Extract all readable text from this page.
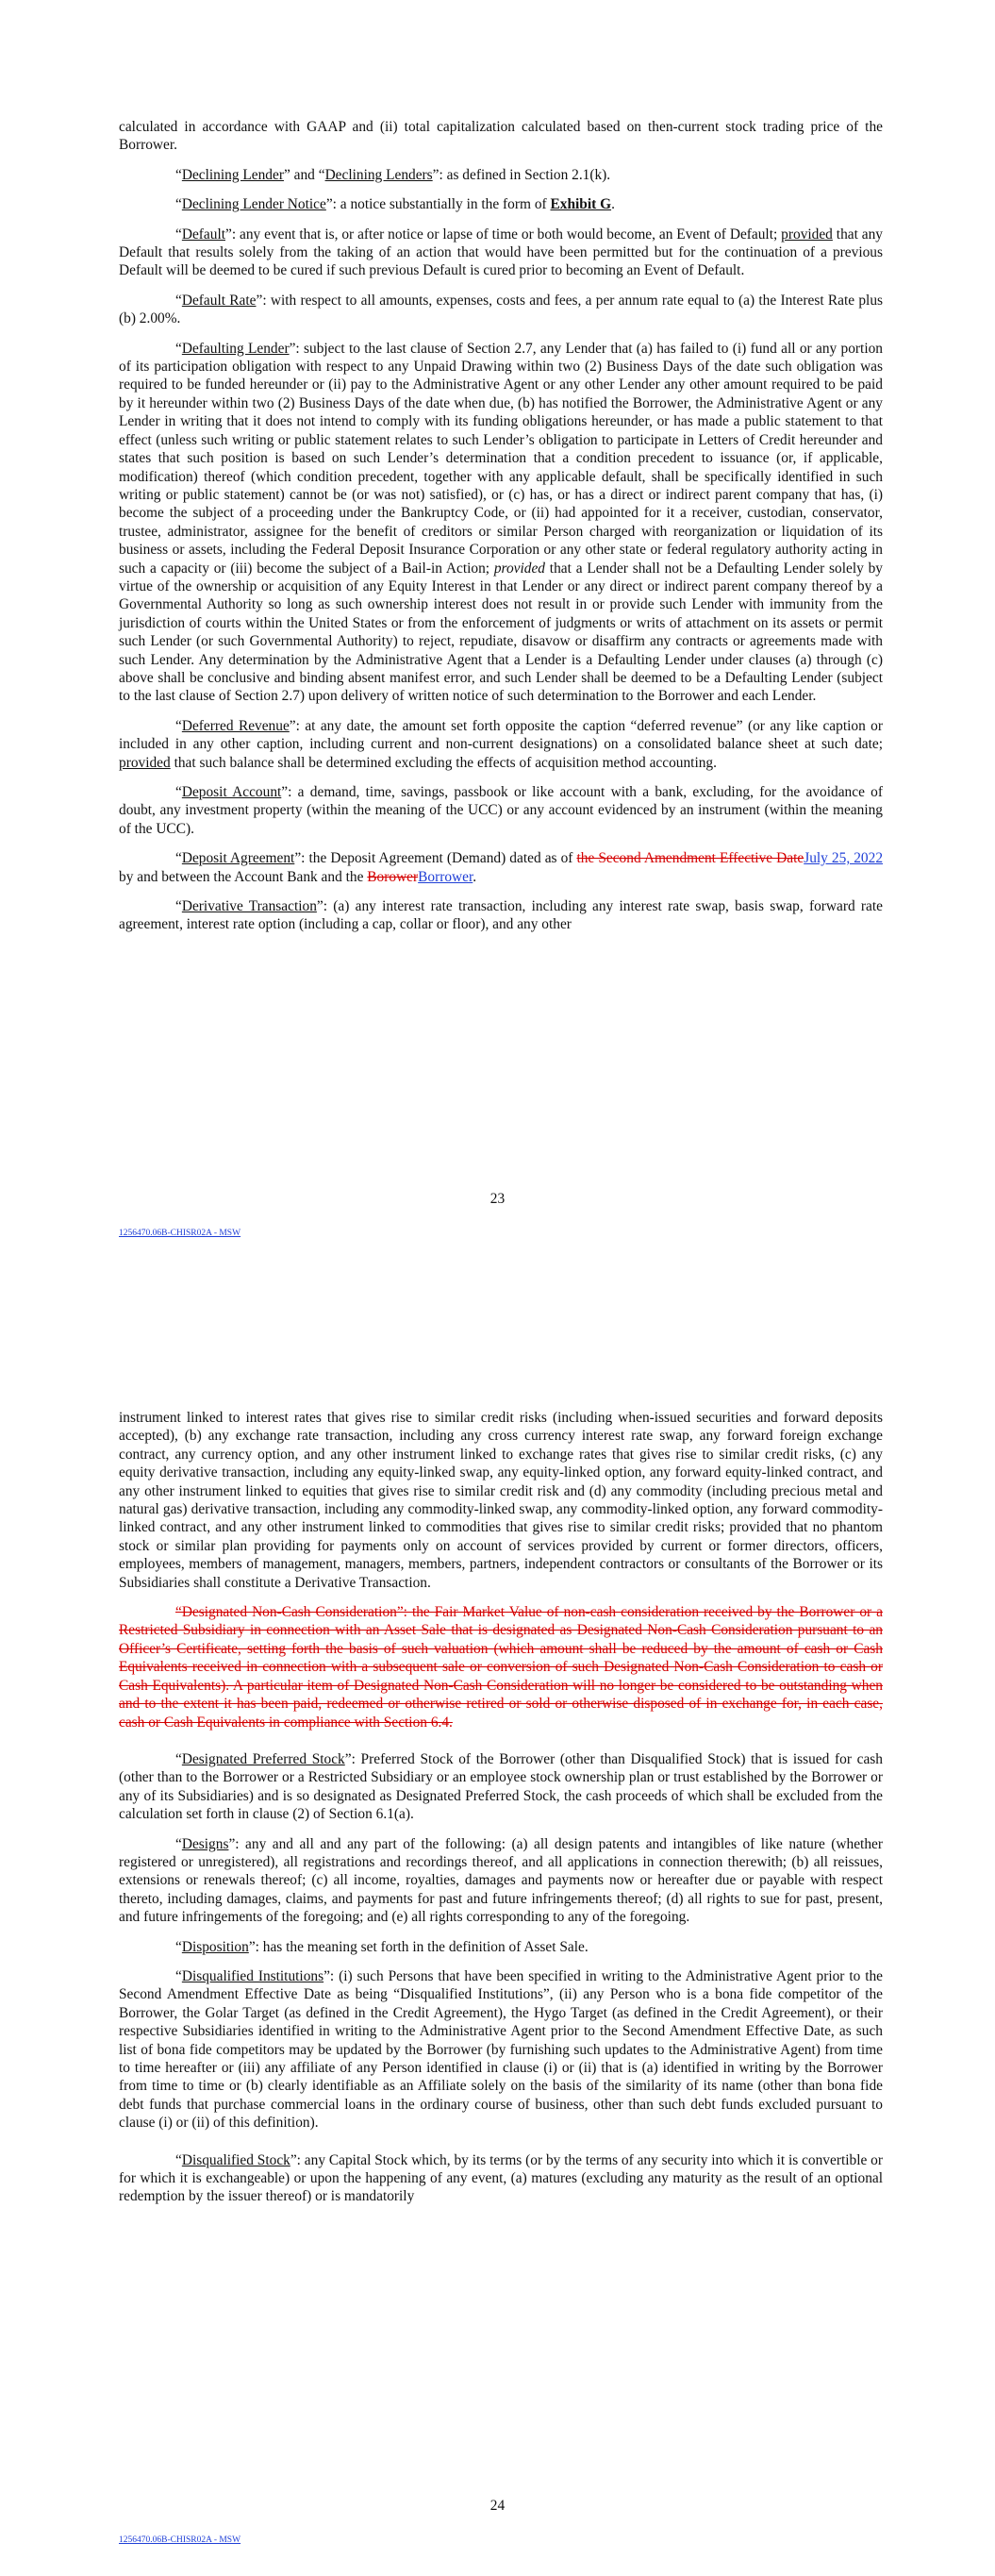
calculated in accordance with GAAP and (ii) total capitalization calculated based on then-current stock trading price of the Borrower.

“Declining Lender” and “Declining Lenders”: as defined in Section 2.1(k).

“Declining Lender Notice”: a notice substantially in the form of Exhibit G.

“Default”: any event that is, or after notice or lapse of time or both would become, an Event of Default; provided that any Default that results solely from the taking of an action that would have been permitted but for the continuation of a previous Default will be deemed to be cured if such previous Default is cured prior to becoming an Event of Default.

“Default Rate”: with respect to all amounts, expenses, costs and fees, a per annum rate equal to (a) the Interest Rate plus (b) 2.00%.

“Defaulting Lender”: subject to the last clause of Section 2.7, any Lender that (a) has failed to (i) fund all or any portion of its participation obligation with respect to any Unpaid Drawing within two (2) Business Days of the date such obligation was required to be funded hereunder or (ii) pay to the Administrative Agent or any other Lender any other amount required to be paid by it hereunder within two (2) Business Days of the date when due, (b) has notified the Borrower, the Administrative Agent or any Lender in writing that it does not intend to comply with its funding obligations hereunder, or has made a public statement to that effect (unless such writing or public statement relates to such Lender’s obligation to participate in Letters of Credit hereunder and states that such position is based on such Lender’s determination that a condition precedent to issuance (or, if applicable, modification) thereof (which condition precedent, together with any applicable default, shall be specifically identified in such writing or public statement) cannot be (or was not) satisfied), or (c) has, or has a direct or indirect parent company that has, (i) become the subject of a proceeding under the Bankruptcy Code, or (ii) had appointed for it a receiver, custodian, conservator, trustee, administrator, assignee for the benefit of creditors or similar Person charged with reorganization or liquidation of its business or assets, including the Federal Deposit Insurance Corporation or any other state or federal regulatory authority acting in such a capacity or (iii) become the subject of a Bail-in Action; provided that a Lender shall not be a Defaulting Lender solely by virtue of the ownership or acquisition of any Equity Interest in that Lender or any direct or indirect parent company thereof by a Governmental Authority so long as such ownership interest does not result in or provide such Lender with immunity from the jurisdiction of courts within the United States or from the enforcement of judgments or writs of attachment on its assets or permit such Lender (or such Governmental Authority) to reject, repudiate, disavow or disaffirm any contracts or agreements made with such Lender. Any determination by the Administrative Agent that a Lender is a Defaulting Lender under clauses (a) through (c) above shall be conclusive and binding absent manifest error, and such Lender shall be deemed to be a Defaulting Lender (subject to the last clause of Section 2.7) upon delivery of written notice of such determination to the Borrower and each Lender.

“Deferred Revenue”: at any date, the amount set forth opposite the caption “deferred revenue” (or any like caption or included in any other caption, including current and non-current designations) on a consolidated balance sheet at such date; provided that such balance shall be determined excluding the effects of acquisition method accounting.

“Deposit Account”: a demand, time, savings, passbook or like account with a bank, excluding, for the avoidance of doubt, any investment property (within the meaning of the UCC) or any account evidenced by an instrument (within the meaning of the UCC).

“Deposit Agreement”: the Deposit Agreement (Demand) dated as of the Second Amendment Effective DateJuly 25, 2022 by and between the Account Bank and the BorowerBorrower.

“Derivative Transaction”: (a) any interest rate transaction, including any interest rate swap, basis swap, forward rate agreement, interest rate option (including a cap, collar or floor), and any other

23
1256470.06B-CHISR02A - MSW

instrument linked to interest rates that gives rise to similar credit risks (including when-issued securities and forward deposits accepted), (b) any exchange rate transaction, including any cross currency interest rate swap, any forward foreign exchange contract, any currency option, and any other instrument linked to exchange rates that gives rise to similar credit risks, (c) any equity derivative transaction, including any equity-linked swap, any equity-linked option, any forward equity-linked contract, and any other instrument linked to equities that gives rise to similar credit risk and (d) any commodity (including precious metal and natural gas) derivative transaction, including any commodity-linked swap, any commodity-linked option, any forward commodity-linked contract, and any other instrument linked to commodities that gives rise to similar credit risks; provided that no phantom stock or similar plan providing for payments only on account of services provided by current or former directors, officers, employees, members of management, managers, members, partners, independent contractors or consultants of the Borrower or its Subsidiaries shall constitute a Derivative Transaction.

“Designated Non-Cash Consideration”: the Fair Market Value of non-cash consideration received by the Borrower or a Restricted Subsidiary in connection with an Asset Sale that is designated as Designated Non-Cash Consideration pursuant to an Officer’s Certificate, setting forth the basis of such valuation (which amount shall be reduced by the amount of cash or Cash Equivalents received in connection with a subsequent sale or conversion of such Designated Non-Cash Consideration to cash or Cash Equivalents). A particular item of Designated Non-Cash Consideration will no longer be considered to be outstanding when and to the extent it has been paid, redeemed or otherwise retired or sold or otherwise disposed of in exchange for, in each case, cash or Cash Equivalents in compliance with Section 6.4.

“Designated Preferred Stock”: Preferred Stock of the Borrower (other than Disqualified Stock) that is issued for cash (other than to the Borrower or a Restricted Subsidiary or an employee stock ownership plan or trust established by the Borrower or any of its Subsidiaries) and is so designated as Designated Preferred Stock, the cash proceeds of which shall be excluded from the calculation set forth in clause (2) of Section 6.1(a).

“Designs”: any and all and any part of the following: (a) all design patents and intangibles of like nature (whether registered or unregistered), all registrations and recordings thereof, and all applications in connection therewith; (b) all reissues, extensions or renewals thereof; (c) all income, royalties, damages and payments now or hereafter due or payable with respect thereto, including damages, claims, and payments for past and future infringements thereof; (d) all rights to sue for past, present, and future infringements of the foregoing; and (e) all rights corresponding to any of the foregoing.

“Disposition”: has the meaning set forth in the definition of Asset Sale.

“Disqualified Institutions”: (i) such Persons that have been specified in writing to the Administrative Agent prior to the Second Amendment Effective Date as being “Disqualified Institutions”, (ii) any Person who is a bona fide competitor of the Borrower, the Golar Target (as defined in the Credit Agreement), the Hygo Target (as defined in the Credit Agreement), or their respective Subsidiaries identified in writing to the Administrative Agent prior to the Second Amendment Effective Date, as such list of bona fide competitors may be updated by the Borrower (by furnishing such updates to the Administrative Agent) from time to time hereafter or (iii) any affiliate of any Person identified in clause (i) or (ii) that is (a) identified in writing by the Borrower from time to time or (b) clearly identifiable as an Affiliate solely on the basis of the similarity of its name (other than bona fide debt funds that purchase commercial loans in the ordinary course of business, other than such debt funds excluded pursuant to clause (i) or (ii) of this definition).

“Disqualified Stock”: any Capital Stock which, by its terms (or by the terms of any security into which it is convertible or for which it is exchangeable) or upon the happening of any event, (a) matures (excluding any maturity as the result of an optional redemption by the issuer thereof) or is mandatorily

24
1256470.06B-CHISR02A - MSW
